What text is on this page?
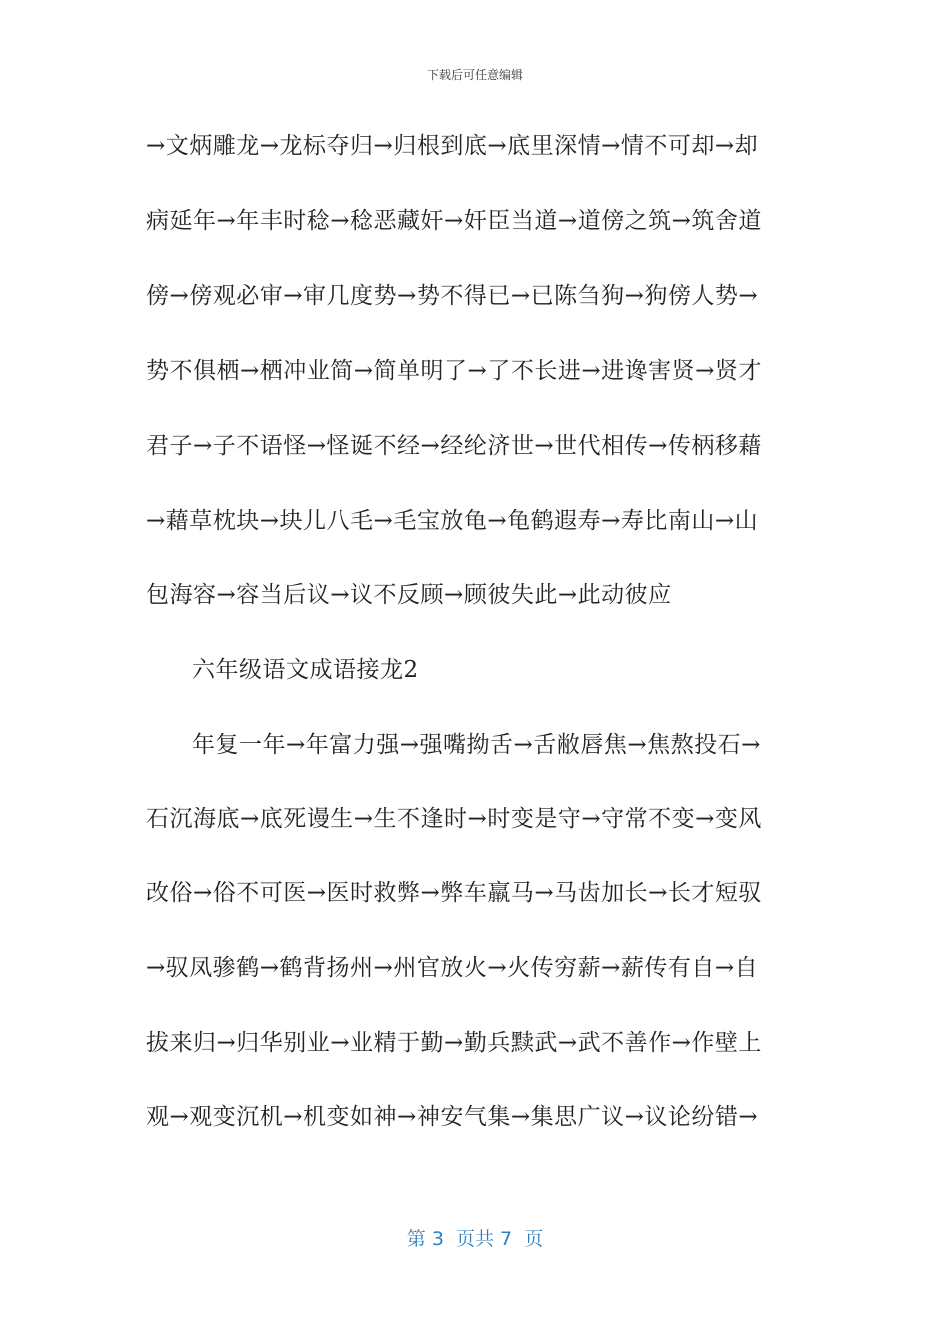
下载后可任意编辑
→文炳雕龙→龙标夺归→归根到底→底里深情→情不可却→却
病延年→年丰时稔→稔恶藏奸→奸臣当道→道傍之筑→筑舍道
傍→傍观必审→审几度势→势不得已→已陈刍狗→狗傍人势→
势不俱栖→栖冲业简→简单明了→了不长进→进谗害贤→贤才
君子→子不语怪→怪诞不经→经纶济世→世代相传→传柄移藉
→藉草枕块→块儿八毛→毛宝放龟→龟鹤遐寿→寿比南山→山
包海容→容当后议→议不反顾→顾彼失此→此动彼应
六年级语文成语接龙2
年复一年→年富力强→强嘴拗舌→舌敝唇焦→焦熬投石→
石沉海底→底死谩生→生不逢时→时变是守→守常不变→变风
改俗→俗不可医→医时救弊→弊车羸马→马齿加长→长才短驭
→驭凤骖鹤→鹤背扬州→州官放火→火传穷薪→薪传有自→自
拔来归→归华别业→业精于勤→勤兵黩武→武不善作→作壁上
观→观变沉机→机变如神→神安气集→集思广议→议论纷错→
第 3  页共 7  页
